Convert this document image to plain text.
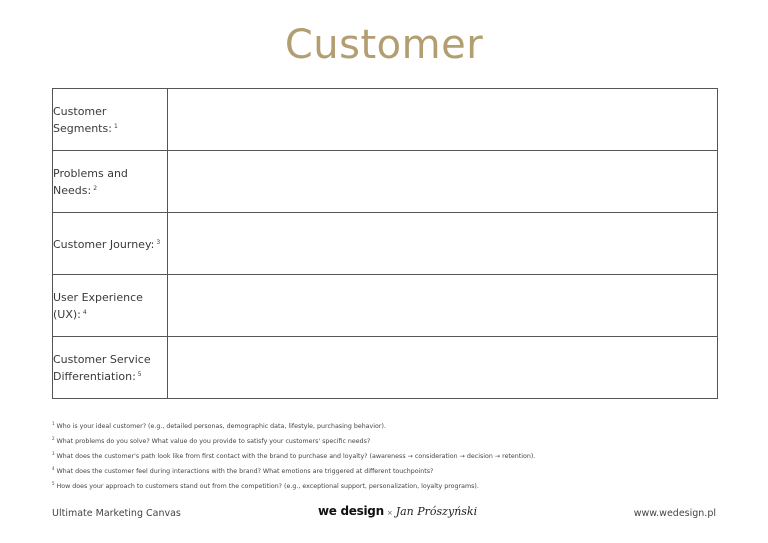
Customer
Customer Segments: $^1$	
Problems and Needs: $^2$	
Customer Journey: $^3$	
User Experience (UX): $^4$	
Customer Service Differentiation: $^5$	
$^1$ Who is your ideal customer? (e.g., detailed personas, demographic data, lifestyle, purchasing behavior).
$^2$ What problems do you solve? What value do you provide to satisfy your customers' specific needs?
$^3$ What does the customer's path look like from first contact with the brand to purchase and loyalty? (awareness → consideration → decision → retention).
$^4$ What does the customer feel during interactions with the brand? What emotions are triggered at different touchpoints?
$^5$ How does your approach to customers stand out from the competition? (e.g., exceptional support, personalization, loyalty programs).
Ultimate Marketing Canvas	we design × Jan Prószyński	www.wedesign.pl
